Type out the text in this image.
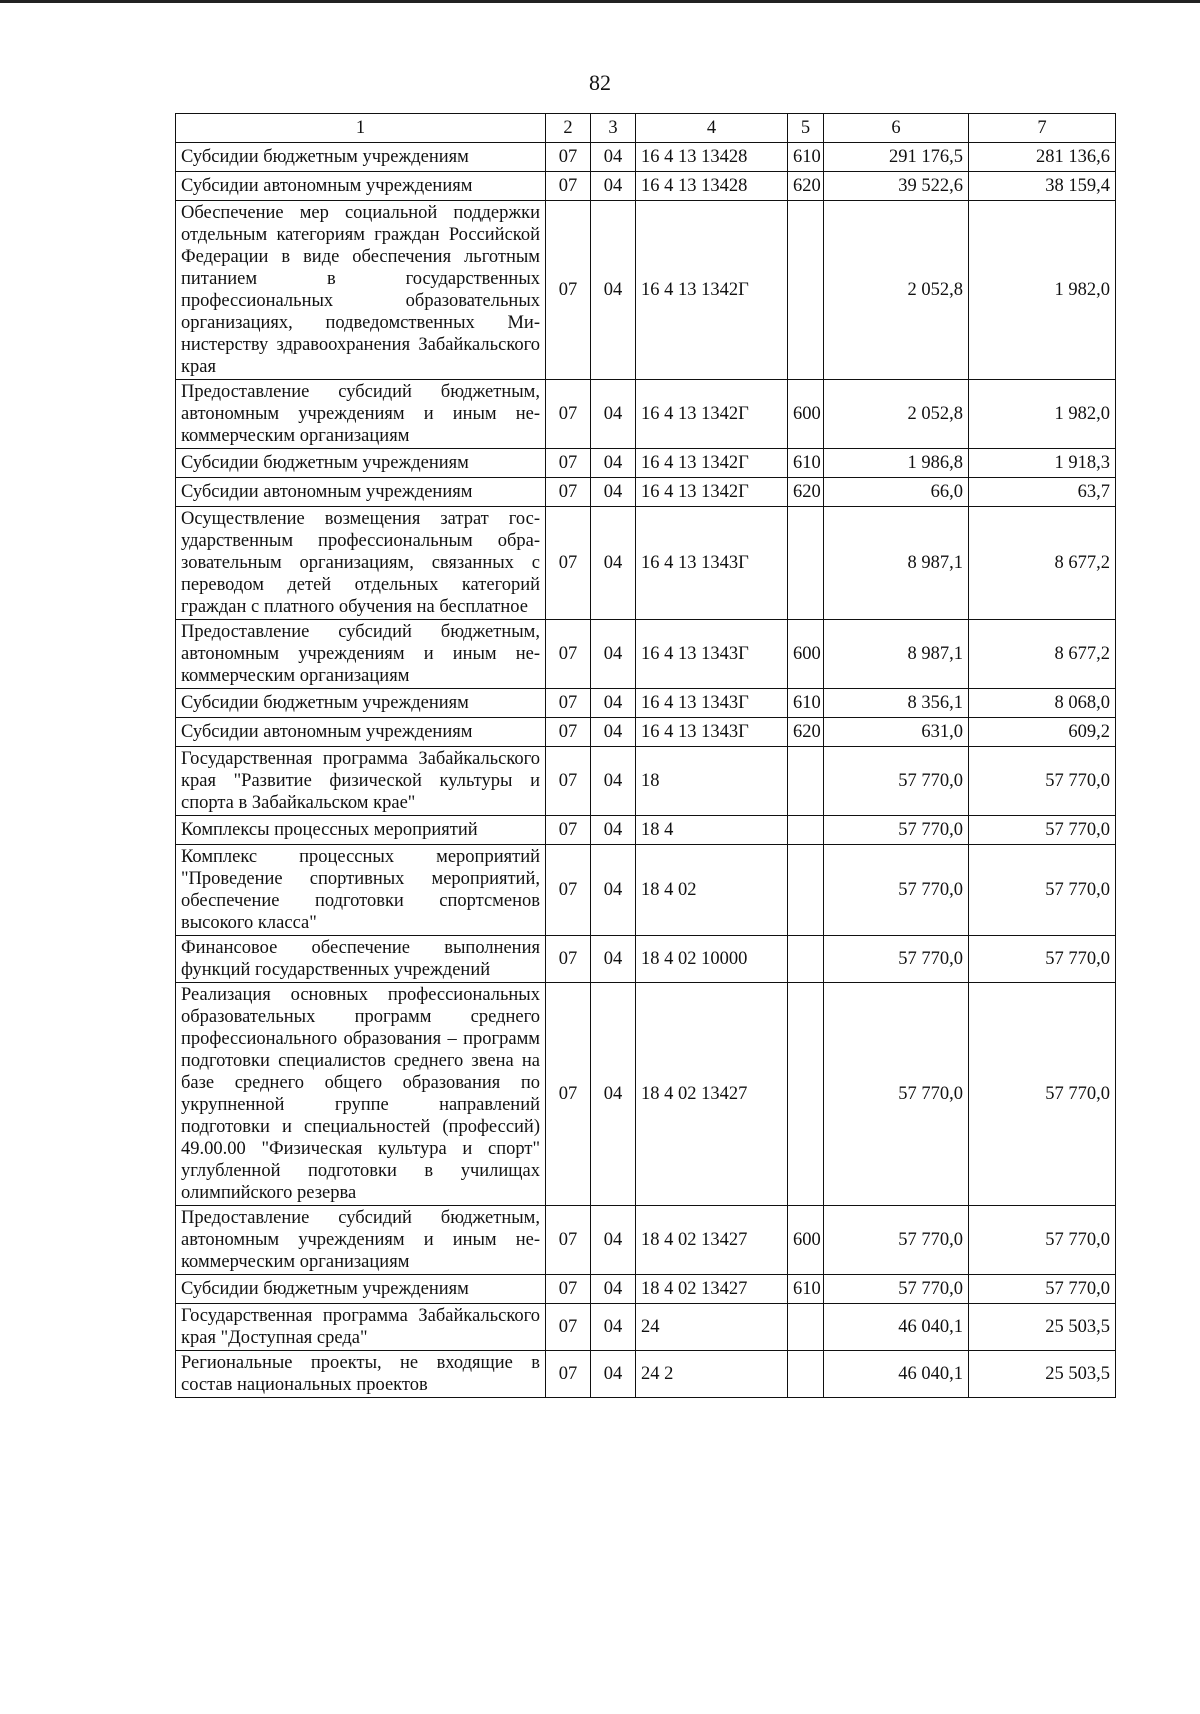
82
1	2	3	4	5	6	7
Субсидии бюджетным учреждениям	07	04	16 4 13 13428	610	291 176,5	281 136,6
Субсидии автономным учреждениям	07	04	16 4 13 13428	620	39 522,6	38 159,4
Обеспечение мер социальной поддержки отдельным категориям граждан Российской Федерации в виде обеспечения льготным питанием в государственных профессиональных образовательных организациях, подведомственных Министерству здравоохранения Забайкальского края	07	04	16 4 13 1342Г		2 052,8	1 982,0
Предоставление субсидий бюджетным, автономным учреждениям и иным некоммерческим организациям	07	04	16 4 13 1342Г	600	2 052,8	1 982,0
Субсидии бюджетным учреждениям	07	04	16 4 13 1342Г	610	1 986,8	1 918,3
Субсидии автономным учреждениям	07	04	16 4 13 1342Г	620	66,0	63,7
Осуществление возмещения затрат государственным профессиональным образовательным организациям, связанных с переводом детей отдельных категорий граждан с платного обучения на бесплатное	07	04	16 4 13 1343Г		8 987,1	8 677,2
Предоставление субсидий бюджетным, автономным учреждениям и иным некоммерческим организациям	07	04	16 4 13 1343Г	600	8 987,1	8 677,2
Субсидии бюджетным учреждениям	07	04	16 4 13 1343Г	610	8 356,1	8 068,0
Субсидии автономным учреждениям	07	04	16 4 13 1343Г	620	631,0	609,2
Государственная программа Забайкальского края "Развитие физической культуры и спорта в Забайкальском крае"	07	04	18		57 770,0	57 770,0
Комплексы процессных мероприятий	07	04	18 4		57 770,0	57 770,0
Комплекс процессных мероприятий "Проведение спортивных мероприятий, обеспечение подготовки спортсменов высокого класса"	07	04	18 4 02		57 770,0	57 770,0
Финансовое обеспечение выполнения функций государственных учреждений	07	04	18 4 02 10000		57 770,0	57 770,0
Реализация основных профессиональных образовательных программ среднего профессионального образования – программ подготовки специалистов среднего звена на базе среднего общего образования по укрупненной группе направлений подготовки и специальностей (профессий) 49.00.00 "Физическая культура и спорт" углубленной подготовки в училищах олимпийского резерва	07	04	18 4 02 13427		57 770,0	57 770,0
Предоставление субсидий бюджетным, автономным учреждениям и иным некоммерческим организациям	07	04	18 4 02 13427	600	57 770,0	57 770,0
Субсидии бюджетным учреждениям	07	04	18 4 02 13427	610	57 770,0	57 770,0
Государственная программа Забайкальского края "Доступная среда"	07	04	24		46 040,1	25 503,5
Региональные проекты, не входящие в состав национальных проектов	07	04	24 2		46 040,1	25 503,5
